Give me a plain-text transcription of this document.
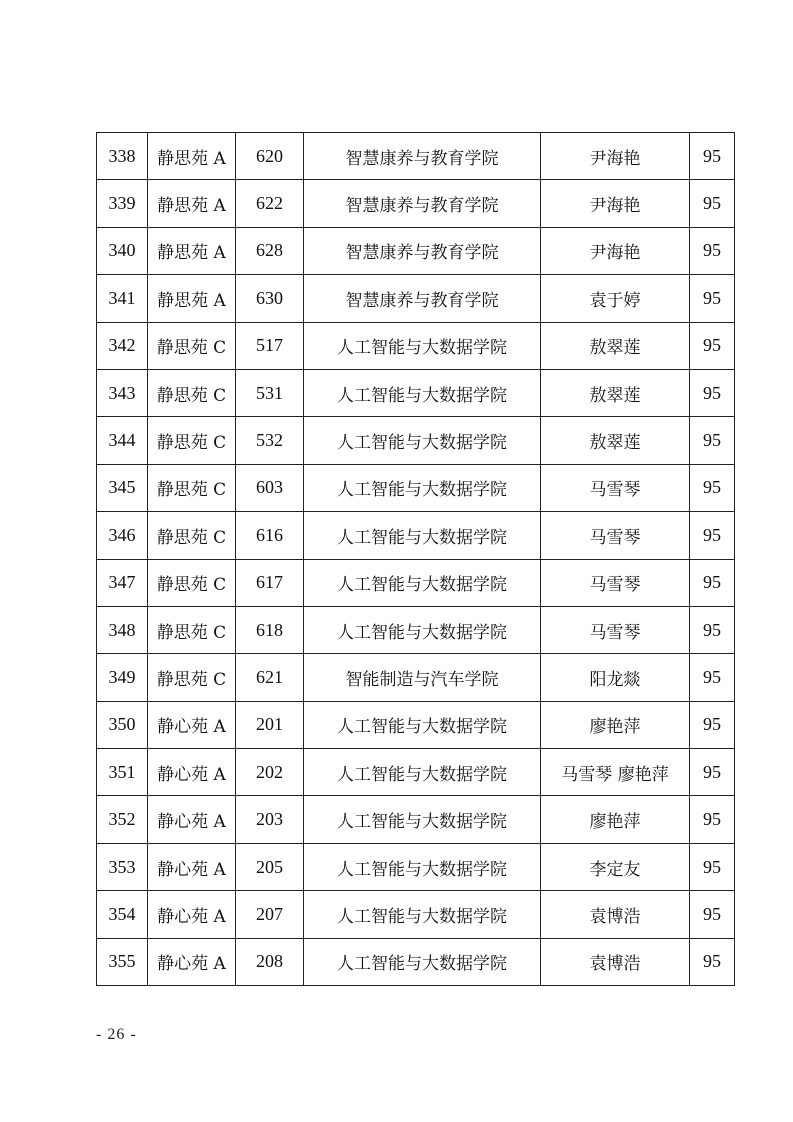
338	静思苑 A	620	智慧康养与教育学院	尹海艳	95
339	静思苑 A	622	智慧康养与教育学院	尹海艳	95
340	静思苑 A	628	智慧康养与教育学院	尹海艳	95
341	静思苑 A	630	智慧康养与教育学院	袁于婷	95
342	静思苑 C	517	人工智能与大数据学院	敖翠莲	95
343	静思苑 C	531	人工智能与大数据学院	敖翠莲	95
344	静思苑 C	532	人工智能与大数据学院	敖翠莲	95
345	静思苑 C	603	人工智能与大数据学院	马雪琴	95
346	静思苑 C	616	人工智能与大数据学院	马雪琴	95
347	静思苑 C	617	人工智能与大数据学院	马雪琴	95
348	静思苑 C	618	人工智能与大数据学院	马雪琴	95
349	静思苑 C	621	智能制造与汽车学院	阳龙燚	95
350	静心苑 A	201	人工智能与大数据学院	廖艳萍	95
351	静心苑 A	202	人工智能与大数据学院	马雪琴 廖艳萍	95
352	静心苑 A	203	人工智能与大数据学院	廖艳萍	95
353	静心苑 A	205	人工智能与大数据学院	李定友	95
354	静心苑 A	207	人工智能与大数据学院	袁博浩	95
355	静心苑 A	208	人工智能与大数据学院	袁博浩	95
- 26 -
